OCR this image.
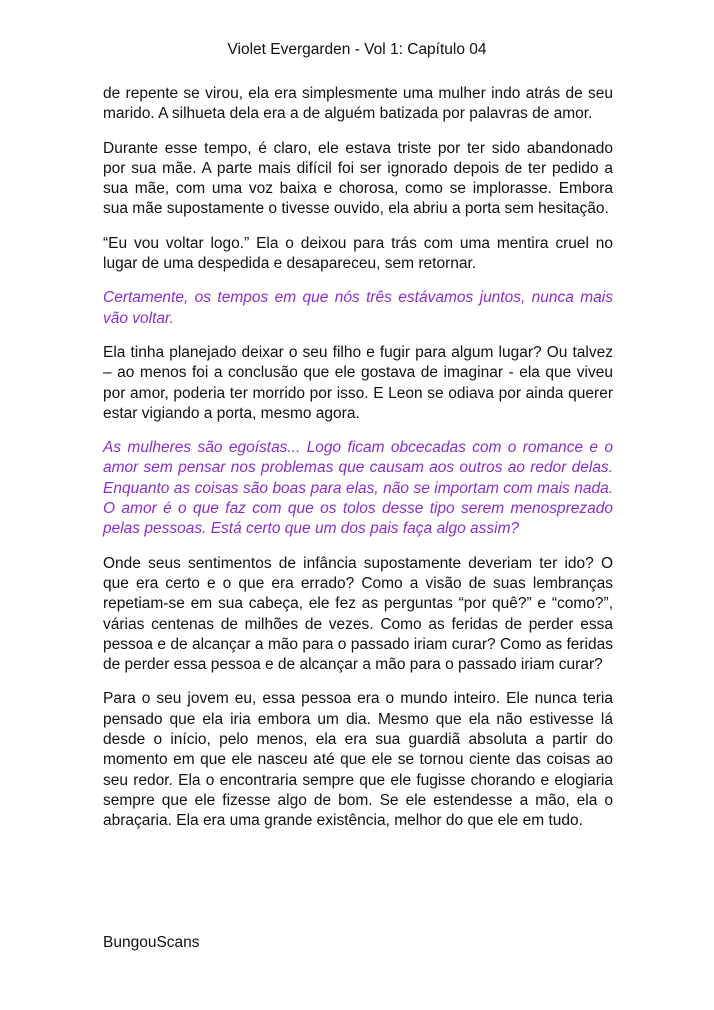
Violet Evergarden - Vol 1: Capítulo 04

de repente se virou, ela era simplesmente uma mulher indo atrás de seu marido. A silhueta dela era a de alguém batizada por palavras de amor.

Durante esse tempo, é claro, ele estava triste por ter sido abandonado por sua mãe. A parte mais difícil foi ser ignorado depois de ter pedido a sua mãe, com uma voz baixa e chorosa, como se implorasse. Embora sua mãe supostamente o tivesse ouvido, ela abriu a porta sem hesitação.

“Eu vou voltar logo.” Ela o deixou para trás com uma mentira cruel no lugar de uma despedida e desapareceu, sem retornar.

Certamente, os tempos em que nós três estávamos juntos, nunca mais vão voltar.

Ela tinha planejado deixar o seu filho e fugir para algum lugar? Ou talvez – ao menos foi a conclusão que ele gostava de imaginar - ela que viveu por amor, poderia ter morrido por isso. E Leon se odiava por ainda querer estar vigiando a porta, mesmo agora.

As mulheres são egoístas... Logo ficam obcecadas com o romance e o amor sem pensar nos problemas que causam aos outros ao redor delas. Enquanto as coisas são boas para elas, não se importam com mais nada. O amor é o que faz com que os tolos desse tipo serem menosprezado pelas pessoas. Está certo que um dos pais faça algo assim?

Onde seus sentimentos de infância supostamente deveriam ter ido? O que era certo e o que era errado? Como a visão de suas lembranças repetiam-se em sua cabeça, ele fez as perguntas “por quê?” e “como?”, várias centenas de milhões de vezes. Como as feridas de perder essa pessoa e de alcançar a mão para o passado iriam curar? Como as feridas de perder essa pessoa e de alcançar a mão para o passado iriam curar?

Para o seu jovem eu, essa pessoa era o mundo inteiro. Ele nunca teria pensado que ela iria embora um dia. Mesmo que ela não estivesse lá desde o início, pelo menos, ela era sua guardiã absoluta a partir do momento em que ele nasceu até que ele se tornou ciente das coisas ao seu redor. Ela o encontraria sempre que ele fugisse chorando e elogiaria sempre que ele fizesse algo de bom. Se ele estendesse a mão, ela o abraçaria. Ela era uma grande existência, melhor do que ele em tudo.

BungouScans
